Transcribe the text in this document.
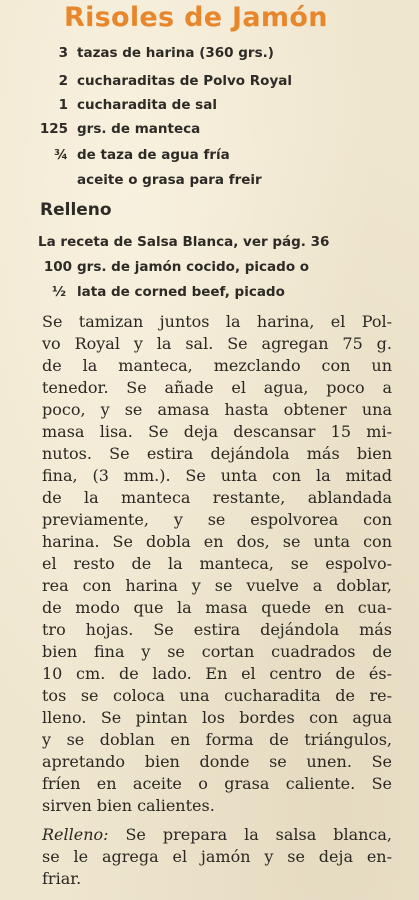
Risoles de Jamón
3 tazas de harina (360 grs.)
2 cucharaditas de Polvo Royal
1 cucharadita de sal
125 grs. de manteca
¾ de taza de agua fría
aceite o grasa para freir
Relleno
La receta de Salsa Blanca, ver pág. 36
100 grs. de jamón cocido, picado o
½ lata de corned beef, picado
Se tamizan juntos la harina, el Pol-
vo Royal y la sal. Se agregan 75 g.
de la manteca, mezclando con un
tenedor. Se añade el agua, poco a
poco, y se amasa hasta obtener una
masa lisa. Se deja descansar 15 mi-
nutos. Se estira dejándola más bien
fina, (3 mm.). Se unta con la mitad
de la manteca restante, ablandada
previamente, y se espolvorea con
harina. Se dobla en dos, se unta con
el resto de la manteca, se espolvo-
rea con harina y se vuelve a doblar,
de modo que la masa quede en cua-
tro hojas. Se estira dejándola más
bien fina y se cortan cuadrados de
10 cm. de lado. En el centro de és-
tos se coloca una cucharadita de re-
lleno. Se pintan los bordes con agua
y se doblan en forma de triángulos,
apretando bien donde se unen. Se
fríen en aceite o grasa caliente. Se
sirven bien calientes.
Relleno: Se prepara la salsa blanca,
se le agrega el jamón y se deja en-
friar.
